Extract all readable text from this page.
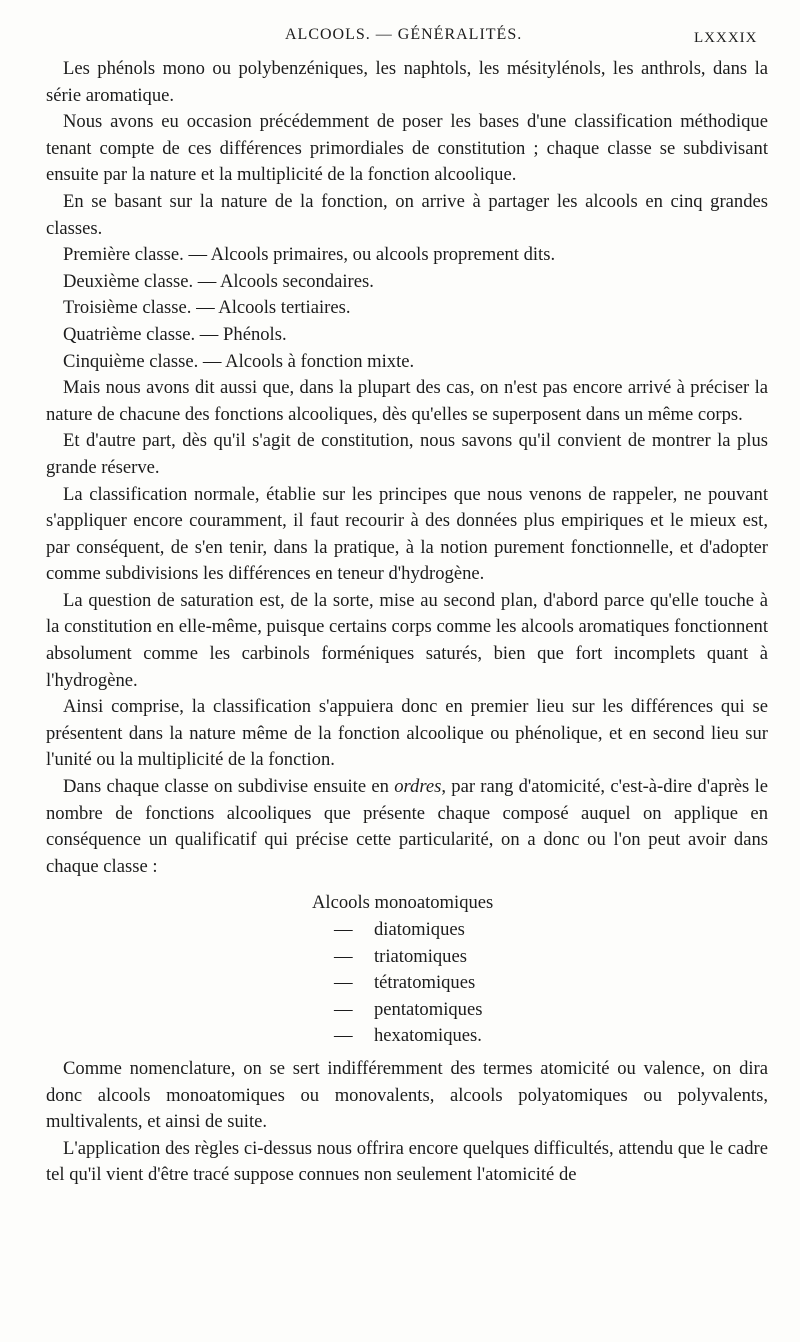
ALCOOLS. — GÉNÉRALITÉS.	LXXXIX

Les phénols mono ou polybenzéniques, les naphtols, les mésitylénols, les anthrols, dans la série aromatique.

Nous avons eu occasion précédemment de poser les bases d'une classification méthodique tenant compte de ces différences primordiales de constitution ; chaque classe se subdivisant ensuite par la nature et la multiplicité de la fonction alcoolique.

En se basant sur la nature de la fonction, on arrive à partager les alcools en cinq grandes classes.

Première classe. — Alcools primaires, ou alcools proprement dits.

Deuxième classe. — Alcools secondaires.

Troisième classe. — Alcools tertiaires.

Quatrième classe. — Phénols.

Cinquième classe. — Alcools à fonction mixte.

Mais nous avons dit aussi que, dans la plupart des cas, on n'est pas encore arrivé à préciser la nature de chacune des fonctions alcooliques, dès qu'elles se superposent dans un même corps.

Et d'autre part, dès qu'il s'agit de constitution, nous savons qu'il convient de montrer la plus grande réserve.

La classification normale, établie sur les principes que nous venons de rappeler, ne pouvant s'appliquer encore couramment, il faut recourir à des données plus empiriques et le mieux est, par conséquent, de s'en tenir, dans la pratique, à la notion purement fonctionnelle, et d'adopter comme subdivisions les différences en teneur d'hydrogène.

La question de saturation est, de la sorte, mise au second plan, d'abord parce qu'elle touche à la constitution en elle-même, puisque certains corps comme les alcools aromatiques fonctionnent absolument comme les carbinols forméniques saturés, bien que fort incomplets quant à l'hydrogène.

Ainsi comprise, la classification s'appuiera donc en premier lieu sur les différences qui se présentent dans la nature même de la fonction alcoolique ou phénolique, et en second lieu sur l'unité ou la multiplicité de la fonction.

Dans chaque classe on subdivise ensuite en ordres, par rang d'atomicité, c'est-à-dire d'après le nombre de fonctions alcooliques que présente chaque composé auquel on applique en conséquence un qualificatif qui précise cette particularité, on a donc ou l'on peut avoir dans chaque classe :

Alcools monoatomiques
— diatomiques
— triatomiques
— tétratomiques
— pentatomiques
— hexatomiques.

Comme nomenclature, on se sert indifféremment des termes atomicité ou valence, on dira donc alcools monoatomiques ou monovalents, alcools polyatomiques ou polyvalents, multivalents, et ainsi de suite.

L'application des règles ci-dessus nous offrira encore quelques difficultés, attendu que le cadre tel qu'il vient d'être tracé suppose connues non seulement l'atomicité de
